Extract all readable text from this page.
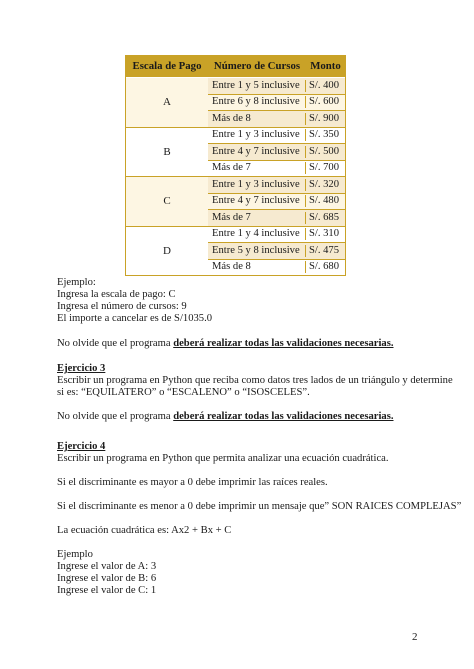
Escala de Pago	Número de Cursos Monto
A
Entre 1 y 5 inclusive S/. 400
Entre 6 y 8 inclusive S/. 600
Más de 8	S/. 900
B
Entre 1 y 3 inclusive S/. 350
Entre 4 y 7 inclusive S/. 500
Más de 7	S/. 700
C
Entre 1 y 3 inclusive S/. 320
Entre 4 y 7 inclusive S/. 480
Más de 7	S/. 685
D
Entre 1 y 4 inclusive S/. 310
Entre 5 y 8 inclusive S/. 475
Más de 8	S/. 680
Ejemplo:
Ingresa la escala de pago: C
Ingresa el número de cursos: 9
El importe a cancelar es de S/1035.0
No olvide que el programa deberá realizar todas las validaciones necesarias.
Ejercicio 3
Escribir un programa en Python que reciba como datos tres lados de un triángulo y determine
si es: “EQUILATERO” o “ESCALENO” o “ISOSCELES”.
No olvide que el programa deberá realizar todas las validaciones necesarias.
Ejercicio 4
Escribir un programa en Python que permita analizar una ecuación cuadrática.
Si el discriminante es mayor a 0 debe imprimir las raíces reales.
Si el discriminante es menor a 0 debe imprimir un mensaje que” SON RAICES COMPLEJAS”
La ecuación cuadrática es: Ax2 + Bx + C
Ejemplo
Ingrese el valor de A: 3
Ingrese el valor de B: 6
Ingrese el valor de C: 1
2
